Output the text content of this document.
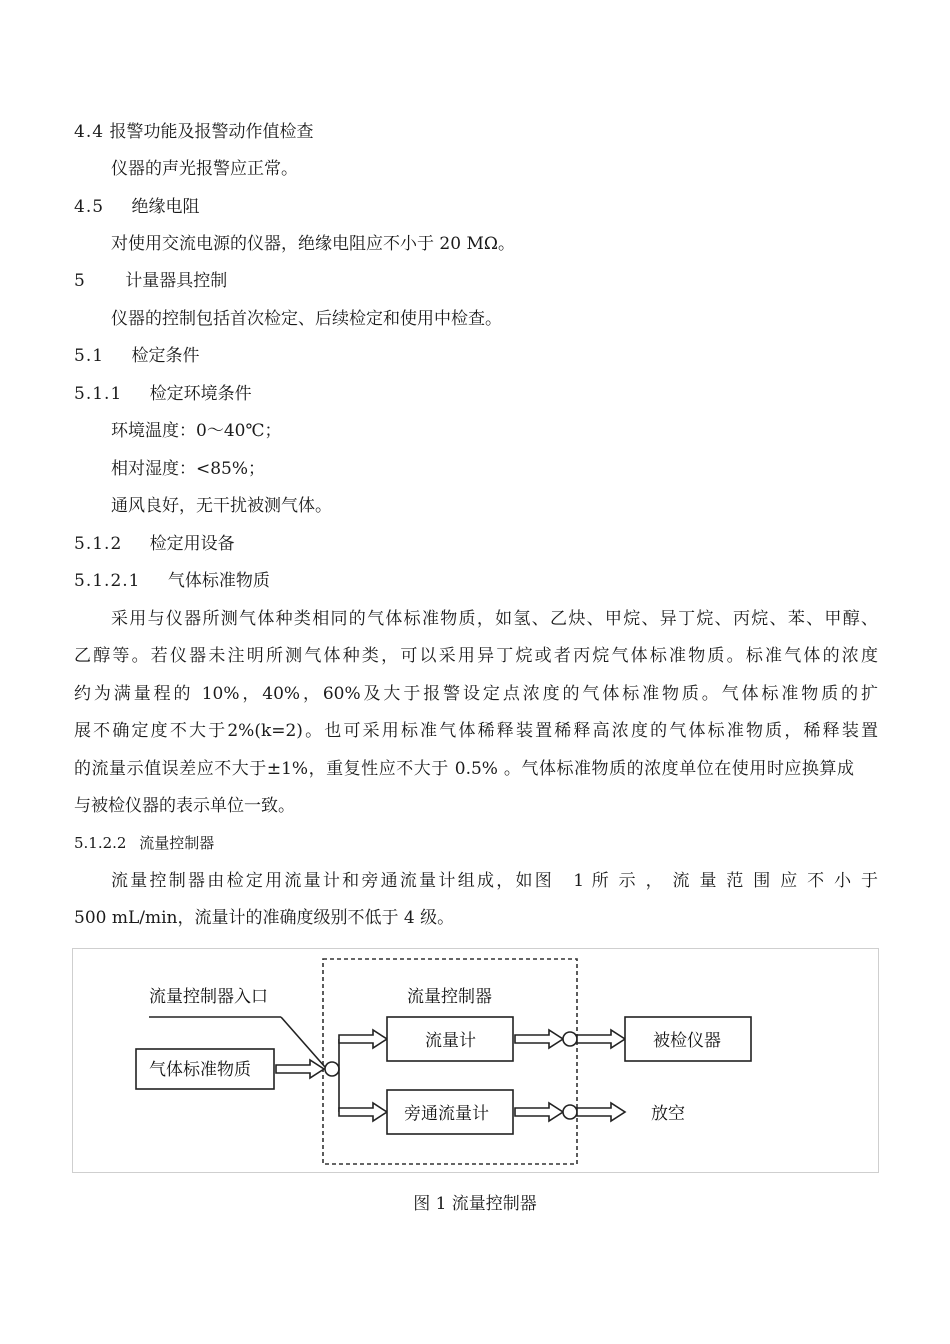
4.4 报警功能及报警动作值检查
仪器的声光报警应正常。
4.5 绝缘电阻
对使用交流电源的仪器，绝缘电阻应不小于 20 MΩ。
5 计量器具控制
仪器的控制包括首次检定、后续检定和使用中检查。
5.1 检定条件
5.1.1 检定环境条件
环境温度：0～40℃；
相对湿度：<85%；
通风良好，无干扰被测气体。
5.1.2 检定用设备
5.1.2.1 气体标准物质
采用与仪器所测气体种类相同的气体标准物质，如氢、乙炔、甲烷、异丁烷、丙烷、苯、甲醇、
乙醇等。若仪器未注明所测气体种类，可以采用异丁烷或者丙烷气体标准物质。标准气体的浓度
约为满量程的 10%，40%，60%及大于报警设定点浓度的气体标准物质。气体标准物质的扩
展不确定度不大于2%(k=2)。也可采用标准气体稀释装置稀释高浓度的气体标准物质，稀释装置
的流量示值误差应不大于±1%，重复性应不大于 0.5% 。气体标准物质的浓度单位在使用时应换算成
与被检仪器的表示单位一致。
5.1.2.2 流量控制器
流量控制器由检定用流量计和旁通流量计组成，如图　1 所 示 ， 流 量 范 围 应 不 小 于
500 mL/min，流量计的准确度级别不低于 4 级。
流量控制器入口	流量控制器
气体标准物质
流量计
旁通流量计
被检仪器
放空
图 1 流量控制器
